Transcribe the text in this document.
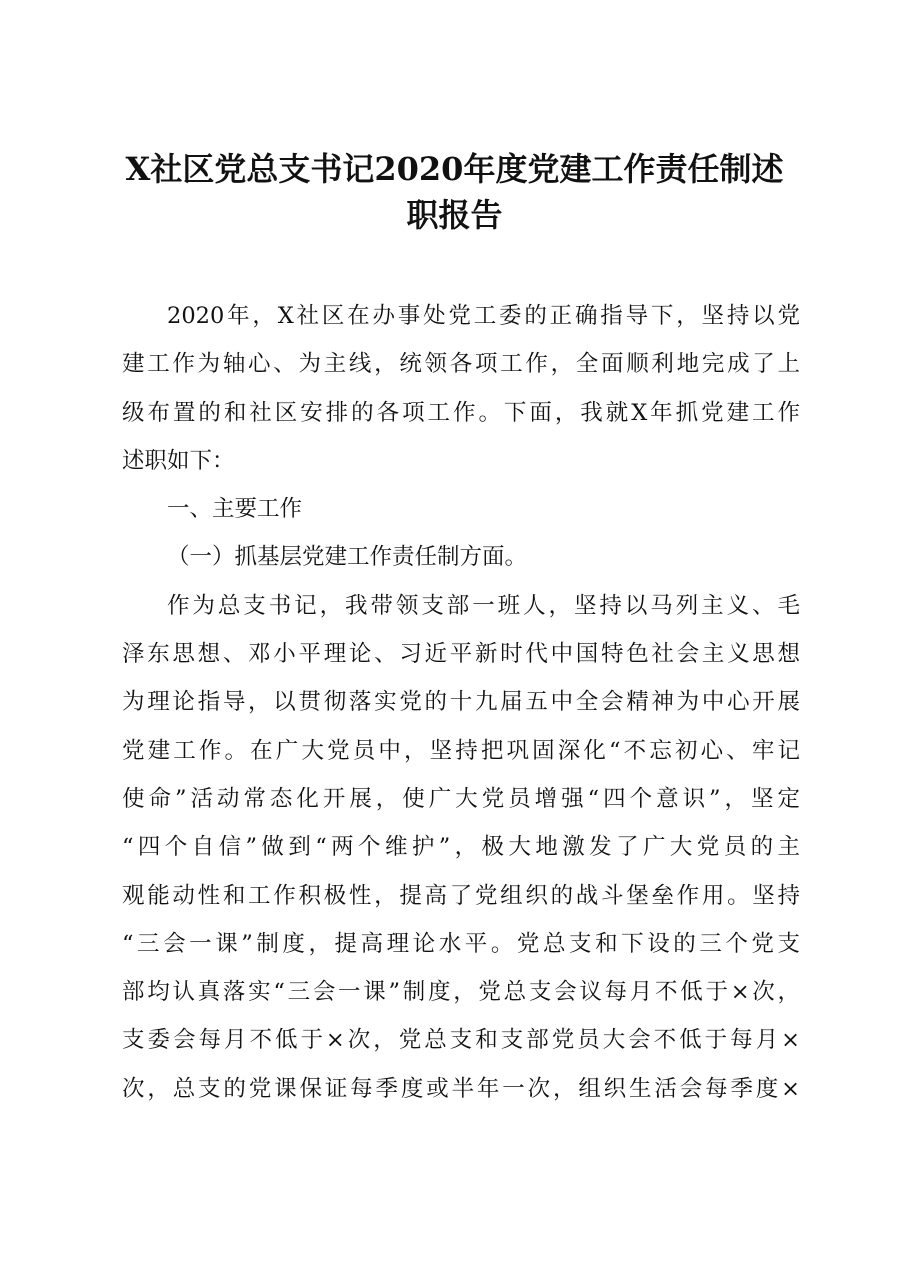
X社区党总支书记2020年度党建工作责任制述
职报告
2020年，X社区在办事处党工委的正确指导下，坚持以党
建工作为轴心、为主线，统领各项工作，全面顺利地完成了上
级布置的和社区安排的各项工作。下面，我就X年抓党建工作
述职如下：
一、主要工作
（一）抓基层党建工作责任制方面。
作为总支书记，我带领支部一班人，坚持以马列主义、毛
泽东思想、邓小平理论、习近平新时代中国特色社会主义思想
为理论指导，以贯彻落实党的十九届五中全会精神为中心开展
党建工作。在广大党员中，坚持把巩固深化“不忘初心、牢记
使命”活动常态化开展，使广大党员增强“四个意识”，坚定
“四个自信”做到“两个维护”，极大地激发了广大党员的主
观能动性和工作积极性，提高了党组织的战斗堡垒作用。坚持
“三会一课”制度，提高理论水平。党总支和下设的三个党支
部均认真落实“三会一课”制度，党总支会议每月不低于×次，
支委会每月不低于×次，党总支和支部党员大会不低于每月×
次，总支的党课保证每季度或半年一次，组织生活会每季度×
